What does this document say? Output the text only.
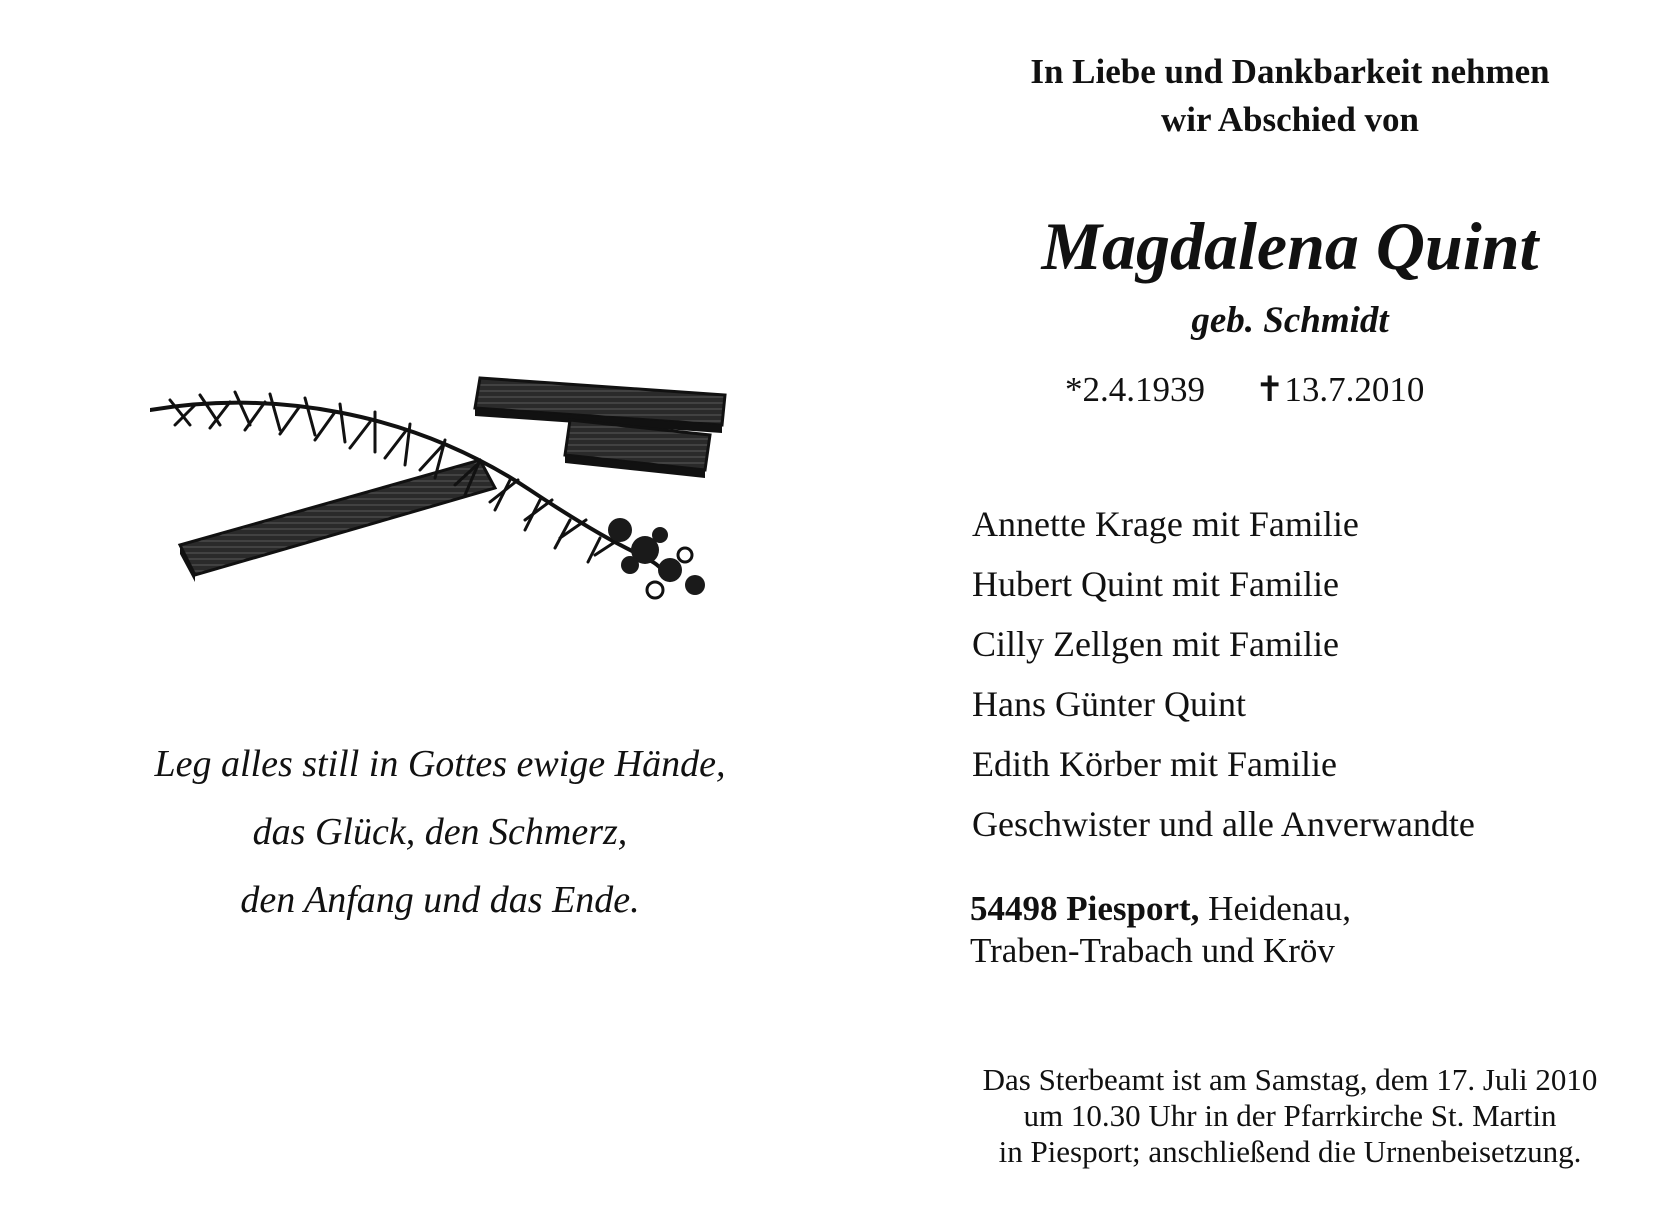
In Liebe und Dankbarkeit nehmen
wir Abschied von
Magdalena Quint
geb. Schmidt
*2.4.1939 ✝13.7.2010
Annette Krage mit Familie
Hubert Quint mit Familie
Cilly Zellgen mit Familie
Hans Günter Quint
Edith Körber mit Familie
Geschwister und alle Anverwandte
54498 Piesport, Heidenau,
Traben-Trabach und Kröv
Das Sterbeamt ist am Samstag, dem 17. Juli 2010
um 10.30 Uhr in der Pfarrkirche St. Martin
in Piesport; anschließend die Urnenbeisetzung.
Leg alles still in Gottes ewige Hände,
das Glück, den Schmerz,
den Anfang und das Ende.
